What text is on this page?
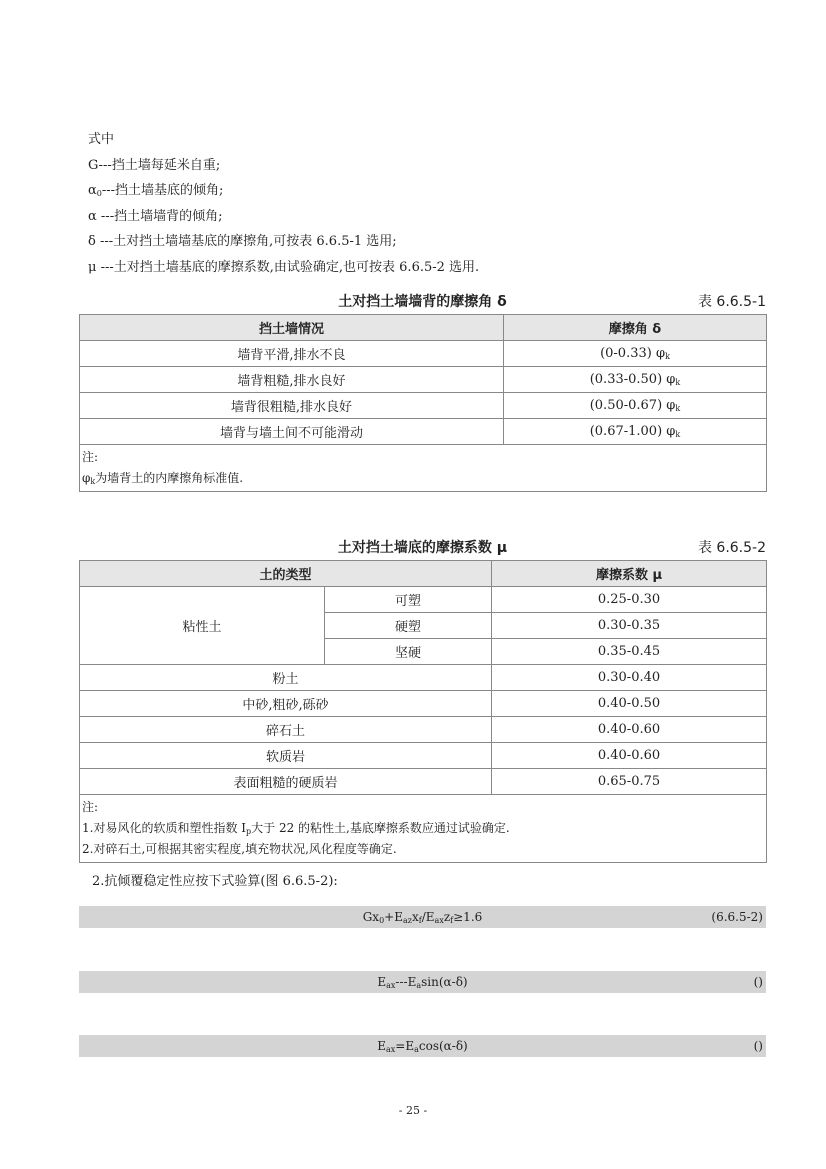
式中
G---挡土墙每延米自重;
$\alpha_0---$挡土墙基底的倾角;
α ---挡土墙墙背的倾角;
δ ---土对挡土墙墙基底的摩擦角,可按表 6.6.5-1 选用;
μ ---土对挡土墙基底的摩擦系数,由试验确定,也可按表 6.6.5-2 选用.
土对挡土墙墙背的摩擦角 δ	表 6.6.5-1
挡土墙情况	摩擦角 δ
墙背平滑,排水不良	(0-0.33) $\varphi_k$
墙背粗糙,排水良好	(0.33-0.50) $\varphi_k$
墙背很粗糙,排水良好	(0.50-0.67) $\varphi_k$
墙背与墙土间不可能滑动	(0.67-1.00) $\varphi_k$

注:
$\varphi_k$为墙背土的内摩擦角标准值.	
土对挡土墙底的摩擦系数 μ	表 6.6.5-2
土的类型		摩擦系数 μ
粘性土	可塑	0.25-0.30
	硬塑	0.30-0.35
	坚硬	0.35-0.45
粉土		0.30-0.40
中砂,粗砂,砾砂		0.40-0.50
碎石土		0.40-0.60
软质岩		0.40-0.60
表面粗糙的硬质岩		0.65-0.75

注:
1.对易风化的软质和塑性指数 $I_p$大于 22 的粘性土,基底摩擦系数应通过试验确定.
2.对碎石土,可根据其密实程度,填充物状况,风化程度等确定.		
2.抗倾覆稳定性应按下式验算(图 6.6.5-2):
$Gx_0+E_{az}x_f/E_{ax}z_f\ge 1.6$	(6.6.5-2)
$E_{ax}---E_a\sin(\alpha-\delta)$	()
$E_{ax}=E_a\cos(\alpha-\delta)$	()
- 25 -
